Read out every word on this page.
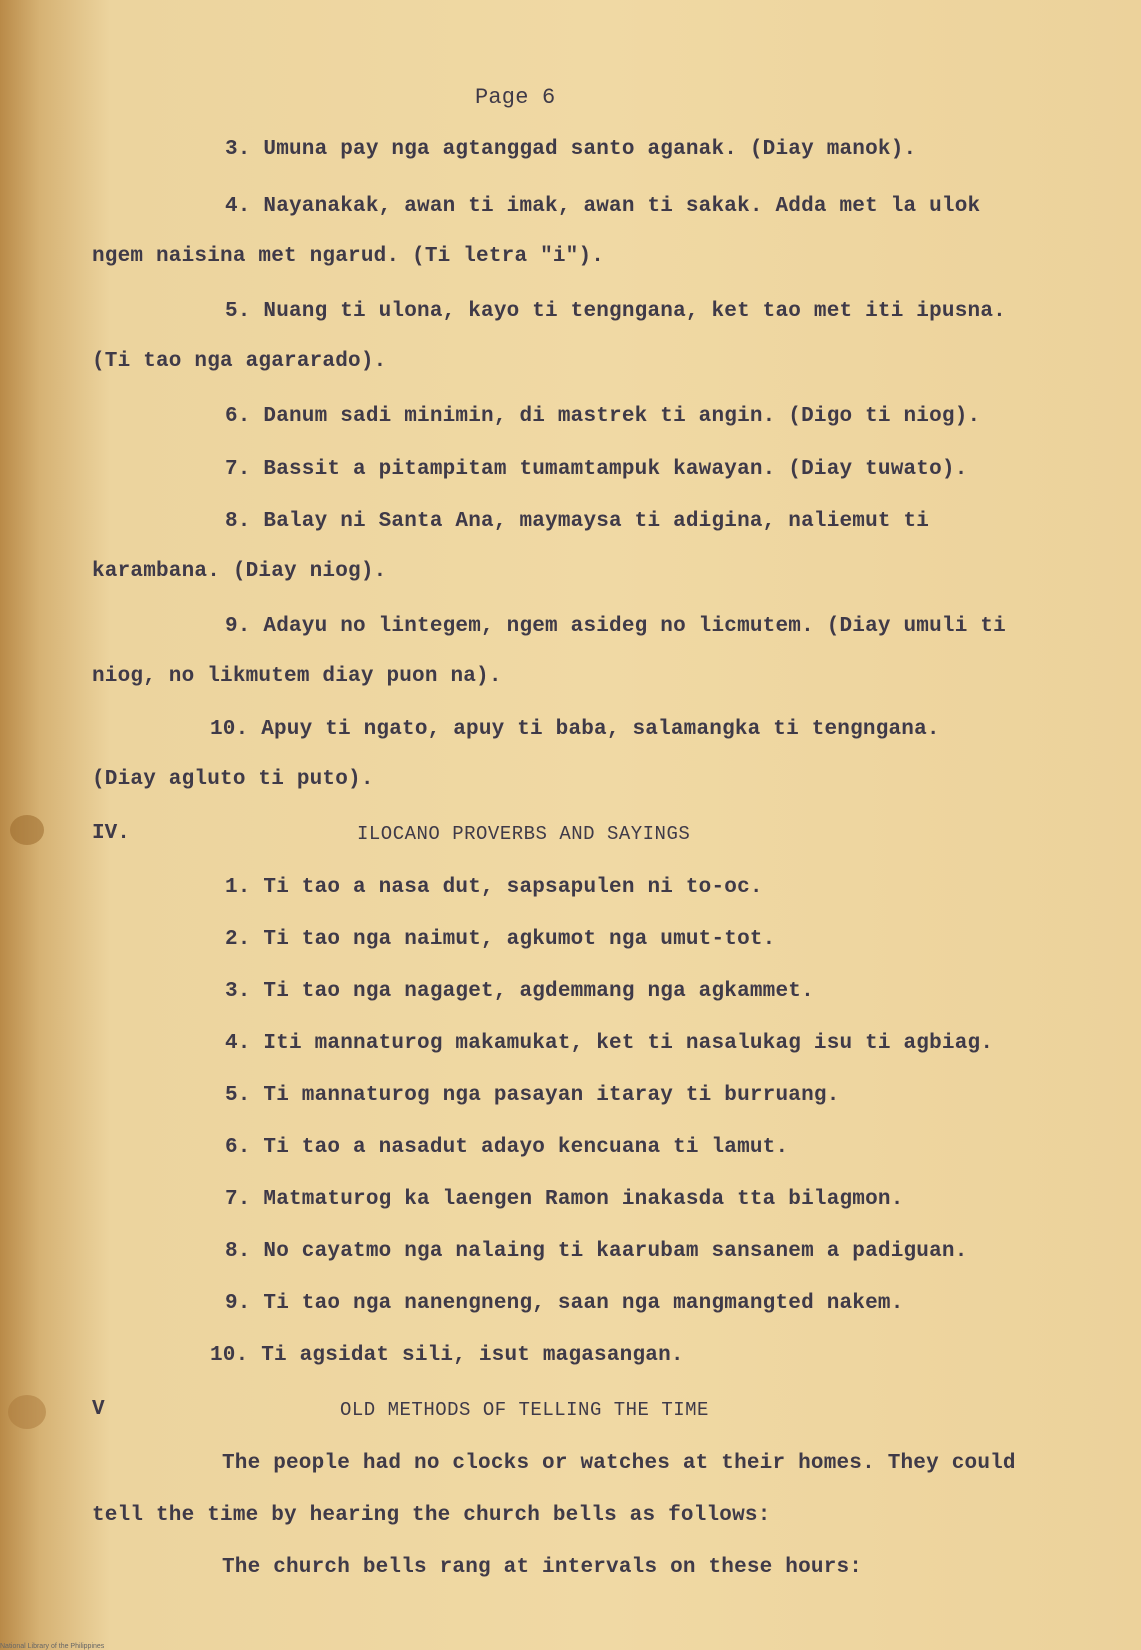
Page 6
3. Umuna pay nga agtanggad santo aganak. (Diay manok).
4. Nayanakak, awan ti imak, awan ti sakak. Adda met la ulok
ngem naisina met ngarud. (Ti letra "i").
5. Nuang ti ulona, kayo ti tengngana, ket tao met iti ipusna.
(Ti tao nga agararado).
6. Danum sadi minimin, di mastrek ti angin. (Digo ti niog).
7. Bassit a pitampitam tumamtampuk kawayan. (Diay tuwato).
8. Balay ni Santa Ana, maymaysa ti adigina, naliemut ti
karambana. (Diay niog).
9. Adayu no lintegem, ngem asideg no licmutem. (Diay umuli ti
niog, no likmutem diay puon na).
10. Apuy ti ngato, apuy ti baba, salamangka ti tengngana.
(Diay agluto ti puto).
IV.	ILOCANO PROVERBS AND SAYINGS
1. Ti tao a nasa dut, sapsapulen ni to-oc.
2. Ti tao nga naimut, agkumot nga umut-tot.
3. Ti tao nga nagaget, agdemmang nga agkammet.
4. Iti mannaturog makamukat, ket ti nasalukag isu ti agbiag.
5. Ti mannaturog nga pasayan itaray ti burruang.
6. Ti tao a nasadut adayo kencuana ti lamut.
7. Matmaturog ka laengen Ramon inakasda tta bilagmon.
8. No cayatmo nga nalaing ti kaarubam sansanem a padiguan.
9. Ti tao nga nanengneng, saan nga mangmangted nakem.
10. Ti agsidat sili, isut magasangan.
V	OLD METHODS OF TELLING THE TIME
The people had no clocks or watches at their homes. They could
tell the time by hearing the church bells as follows:
The church bells rang at intervals on these hours:
National Library of the Philippines
